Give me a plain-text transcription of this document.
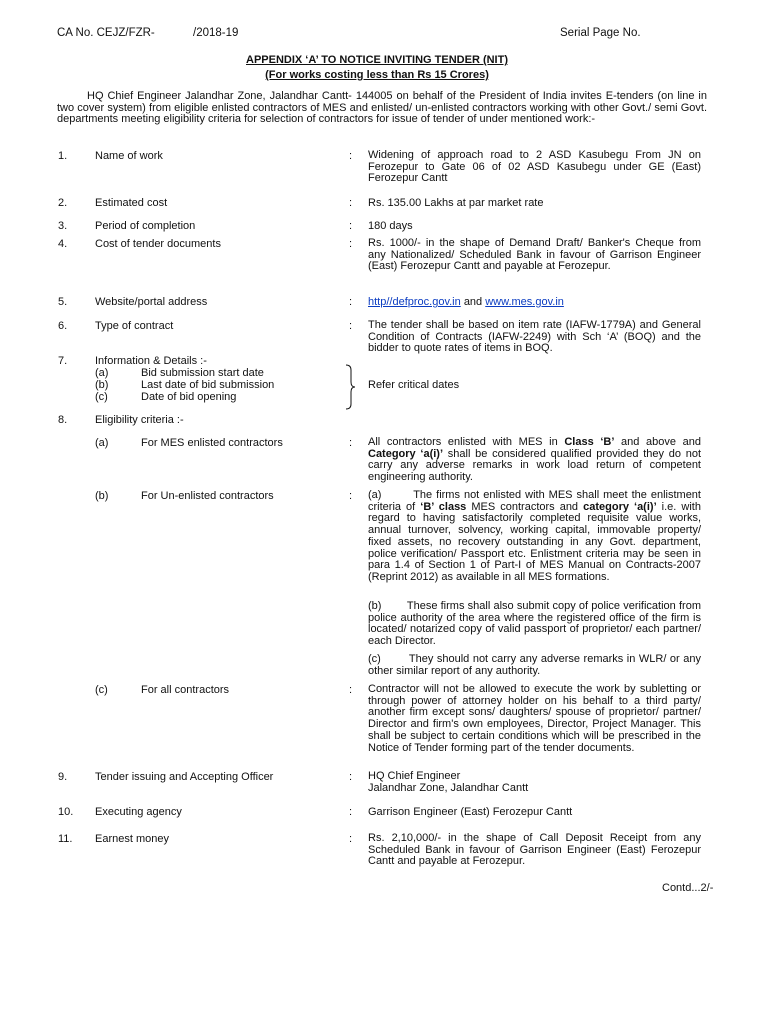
CA No. CEJZ/FZR-	/2018-19	Serial Page No.
APPENDIX ‘A’ TO NOTICE INVITING TENDER (NIT)
(For works costing less than Rs 15 Crores)
HQ Chief Engineer Jalandhar Zone, Jalandhar Cantt- 144005 on behalf of the President of India invites E-tenders (on line in two cover system) from eligible enlisted contractors of MES and enlisted/ un-enlisted contractors working with other Govt./ semi Govt. departments meeting eligibility criteria for selection of contractors for issue of tender of under mentioned work:-
1.	Name of work	: Widening of approach road to 2 ASD Kasubegu From JN on Ferozepur to Gate 06 of 02 ASD Kasubegu under GE (East) Ferozepur Cantt
2.	Estimated cost	: Rs. 135.00 Lakhs at par market rate
3.	Period of completion	: 180 days
4.	Cost of tender documents	: Rs. 1000/- in the shape of Demand Draft/ Banker's Cheque from any Nationalized/ Scheduled Bank in favour of Garrison Engineer (East) Ferozepur Cantt and payable at Ferozepur.
5.	Website/portal address	: http//defproc.gov.in and www.mes.gov.in
6.	Type of contract	: The tender shall be based on item rate (IAFW-1779A) and General Condition of Contracts (IAFW-2249) with Sch ‘A’ (BOQ) and the bidder to quote rates of items in BOQ.
7.	Information & Details :-
(a)	Bid submission start date
(b)	Last date of bid submission
(c)	Date of bid opening
Refer critical dates
8.	Eligibility criteria :-
(a)	For MES enlisted contractors	: All contractors enlisted with MES in Class ‘B’ and above and Category ‘a(i)’ shall be considered qualified provided they do not carry any adverse remarks in work load return of competent engineering authority.
(b)	For Un-enlisted contractors	: (a)	The firms not enlisted with MES shall meet the enlistment criteria of ‘B’ class MES contractors and category ‘a(i)’ i.e. with regard to having satisfactorily completed requisite value works, annual turnover, solvency, working capital, immovable property/ fixed assets, no recovery outstanding in any Govt. department, police verification/ Passport etc. Enlistment criteria may be seen in para 1.4 of Section 1 of Part-I of MES Manual on Contracts-2007 (Reprint 2012) as available in all MES formations.
(b) These firms shall also submit copy of police verification from police authority of the area where the registered office of the firm is located/ notarized copy of valid passport of proprietor/ each partner/ each Director.
(c)	They should not carry any adverse remarks in WLR/ or any other similar report of any authority.
(c)	For all contractors	: Contractor will not be allowed to execute the work by subletting or through power of attorney holder on his behalf to a third party/ another firm except sons/ daughters/ spouse of proprietor/ partner/ Director and firm's own employees, Director, Project Manager. This shall be subject to certain conditions which will be prescribed in the Notice of Tender forming part of the tender documents.
9.	Tender issuing and Accepting Officer	: HQ Chief Engineer
Jalandhar Zone, Jalandhar Cantt
10. Executing agency	: Garrison Engineer (East) Ferozepur Cantt
11. Earnest money	: Rs. 2,10,000/- in the shape of Call Deposit Receipt from any Scheduled Bank in favour of Garrison Engineer (East) Ferozepur Cantt and payable at Ferozepur.
Contd...2/-
